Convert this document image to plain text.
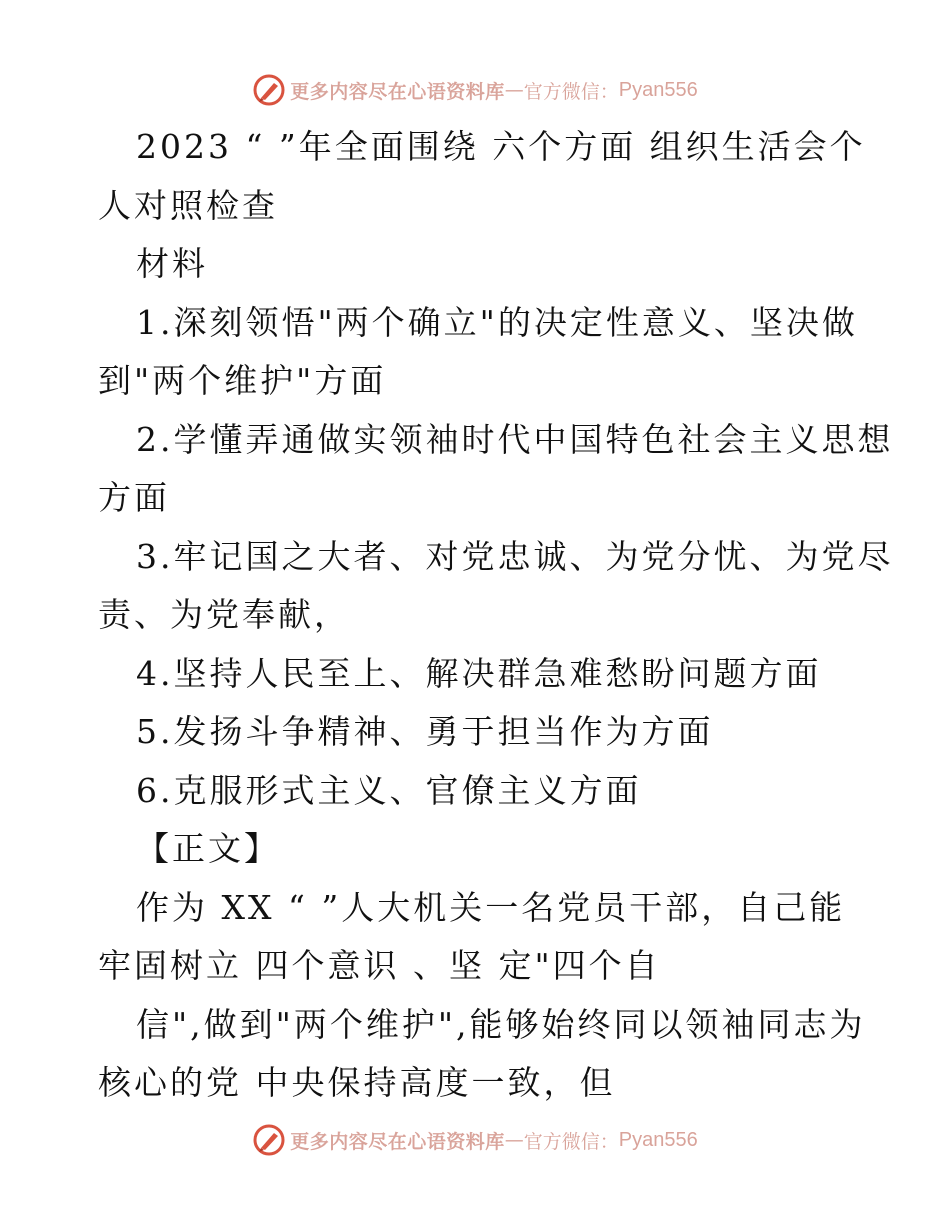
更多内容尽在心语资料库 — 官方微信： Pyan556
2023 “ ”年全面围绕 六个方面 组织生活会个
人对照检查
材料
1.深刻领悟"两个确立"的决定性意义、坚决做
到"两个维护"方面
2.学懂弄通做实领袖时代中国特色社会主义思想
方面
3.牢记国之大者、对党忠诚、为党分忧、为党尽
责、为党奉献，
4.坚持人民至上、解决群急难愁盼问题方面
5.发扬斗争精神、勇于担当作为方面
6.克服形式主义、官僚主义方面
【正文】
作为 XX “ ”人大机关一名党员干部，自己能
牢固树立 四个意识 、坚 定"四个自
信",做到"两个维护",能够始终同以领袖同志为
核心的党 中央保持高度一致，但
更多内容尽在心语资料库 — 官方微信： Pyan556
